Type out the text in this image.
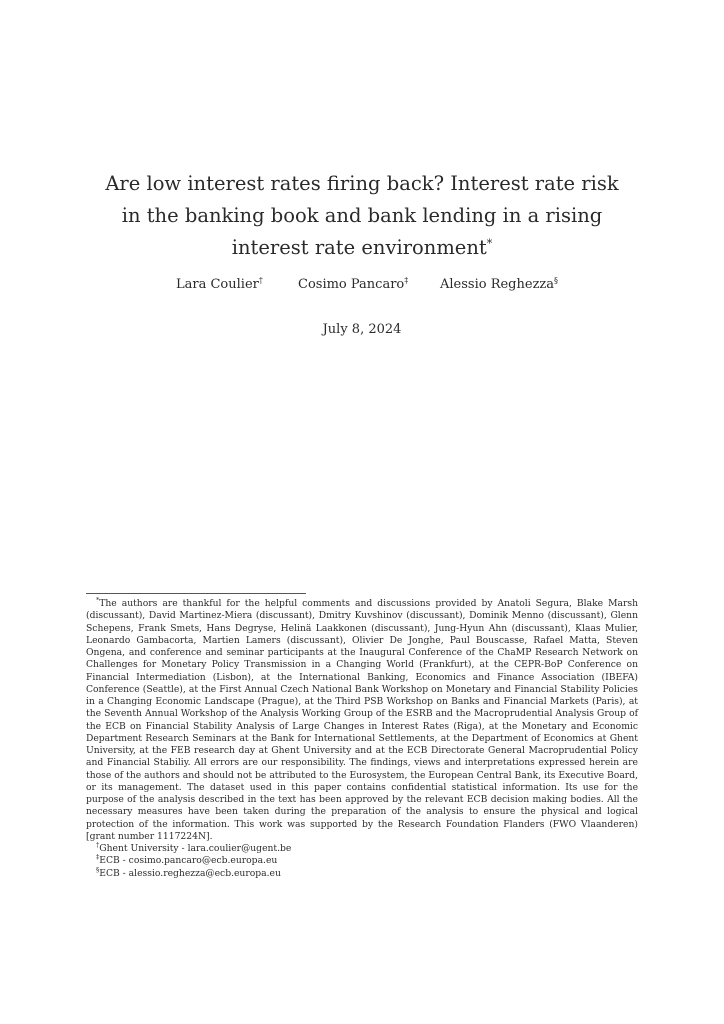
Are low interest rates firing back? Interest rate risk in the banking book and bank lending in a rising interest rate environment*
Lara Coulier†	Cosimo Pancaro‡ Alessio Reghezza§
July 8, 2024

*The authors are thankful for the helpful comments and discussions provided by Anatoli Segura, Blake Marsh (discussant), David Martinez-Miera (discussant), Dmitry Kuvshinov (discussant), Dominik Menno (discussant), Glenn Schepens, Frank Smets, Hans Degryse, Helinä Laakkonen (discussant), Jung-Hyun Ahn (discussant), Klaas Mulier, Leonardo Gambacorta, Martien Lamers (discussant), Olivier De Jonghe, Paul Bouscasse, Rafael Matta, Steven Ongena, and conference and seminar participants at the Inaugural Conference of the ChaMP Research Network on Challenges for Monetary Policy Transmission in a Changing World (Frankfurt), at the CEPR-BoP Conference on Financial Intermediation (Lisbon), at the International Banking, Economics and Finance Association (IBEFA) Conference (Seattle), at the First Annual Czech National Bank Workshop on Monetary and Financial Stability Policies in a Changing Economic Landscape (Prague), at the Third PSB Workshop on Banks and Financial Markets (Paris), at the Seventh Annual Workshop of the Analysis Working Group of the ESRB and the Macroprudential Analysis Group of the ECB on Financial Stability Analysis of Large Changes in Interest Rates (Riga), at the Monetary and Economic Department Research Seminars at the Bank for International Settlements, at the Department of Economics at Ghent University, at the FEB research day at Ghent University and at the ECB Directorate General Macroprudential Policy and Financial Stabiliy. All errors are our responsibility. The findings, views and interpretations expressed herein are those of the authors and should not be attributed to the Eurosystem, the European Central Bank, its Executive Board, or its management. The dataset used in this paper contains confidential statistical information. Its use for the purpose of the analysis described in the text has been approved by the relevant ECB decision making bodies. All the necessary measures have been taken during the preparation of the analysis to ensure the physical and logical protection of the information. This work was supported by the Research Foundation Flanders (FWO Vlaanderen) [grant number 1117224N].

†Ghent University - lara.coulier@ugent.be

‡ECB - cosimo.pancaro@ecb.europa.eu

§ECB - alessio.reghezza@ecb.europa.eu
